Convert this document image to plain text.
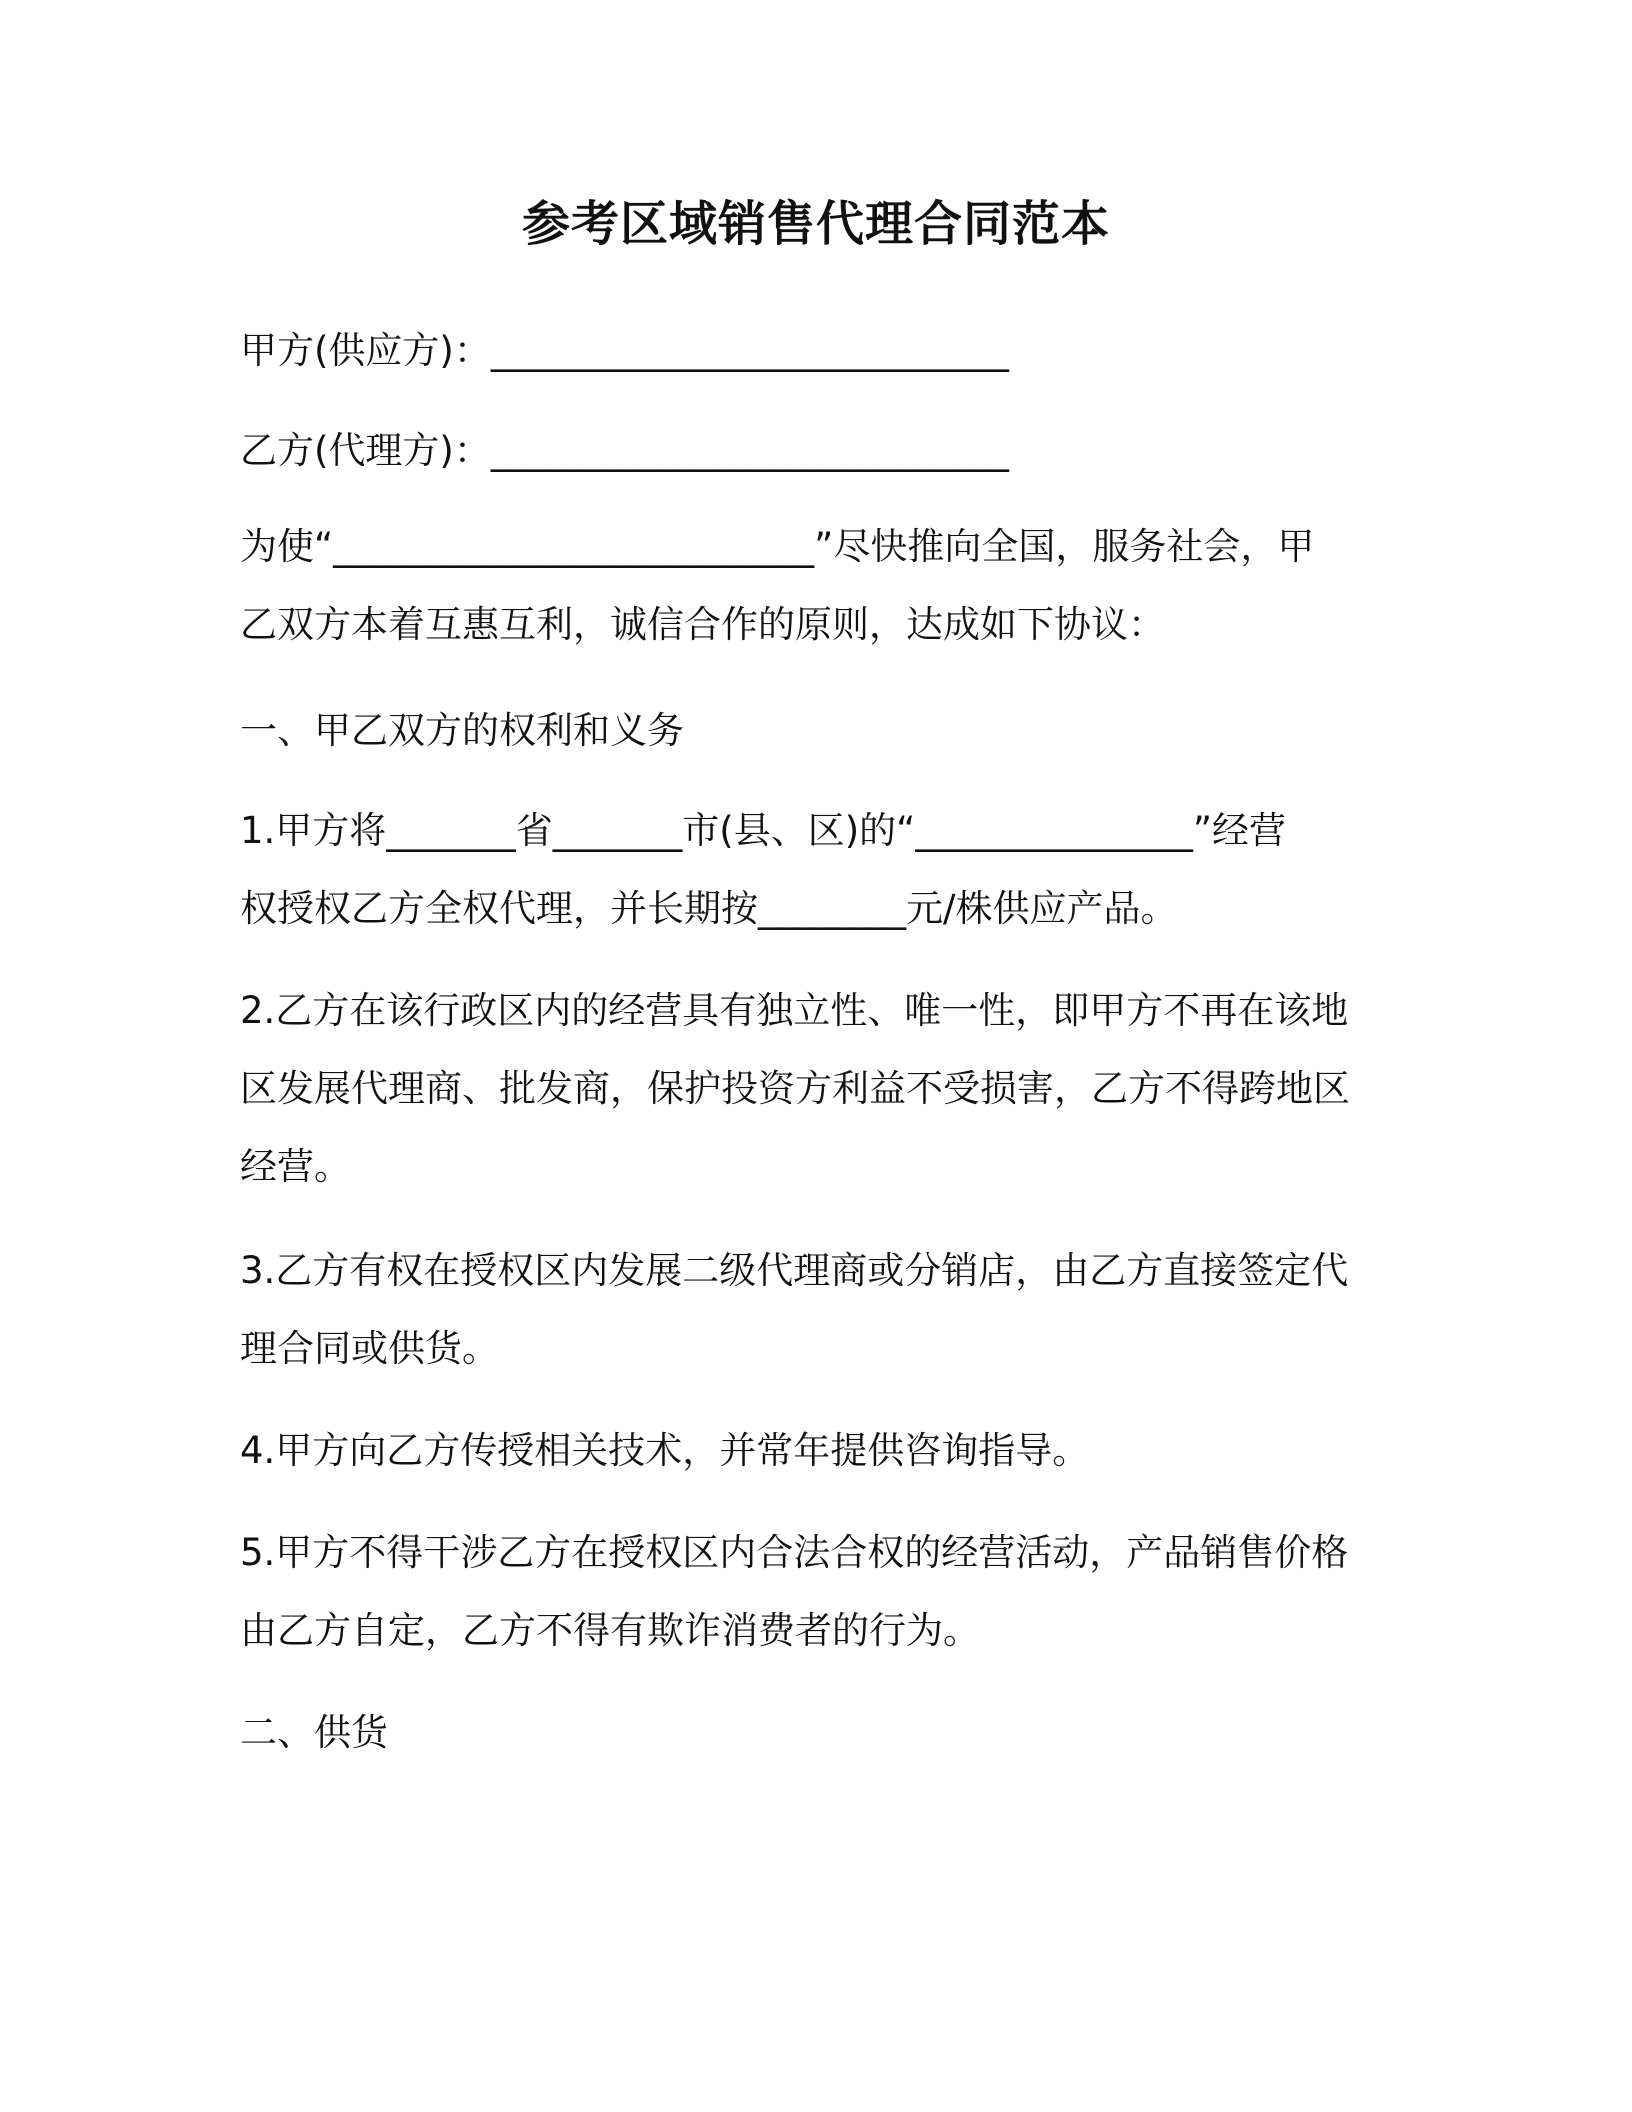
参考区域销售代理合同范本
甲方(供应方)：____________________________
乙方(代理方)：____________________________
为使“__________________________”尽快推向全国，服务社会，甲
乙双方本着互惠互利，诚信合作的原则，达成如下协议：
一、甲乙双方的权利和义务
1.甲方将_______省_______市(县、区)的“_______________”经营
权授权乙方全权代理，并长期按________元/株供应产品。
2.乙方在该行政区内的经营具有独立性、唯一性，即甲方不再在该地
区发展代理商、批发商，保护投资方利益不受损害，乙方不得跨地区
经营。
3.乙方有权在授权区内发展二级代理商或分销店，由乙方直接签定代
理合同或供货。
4.甲方向乙方传授相关技术，并常年提供咨询指导。
5.甲方不得干涉乙方在授权区内合法合权的经营活动，产品销售价格
由乙方自定，乙方不得有欺诈消费者的行为。
二、供货
